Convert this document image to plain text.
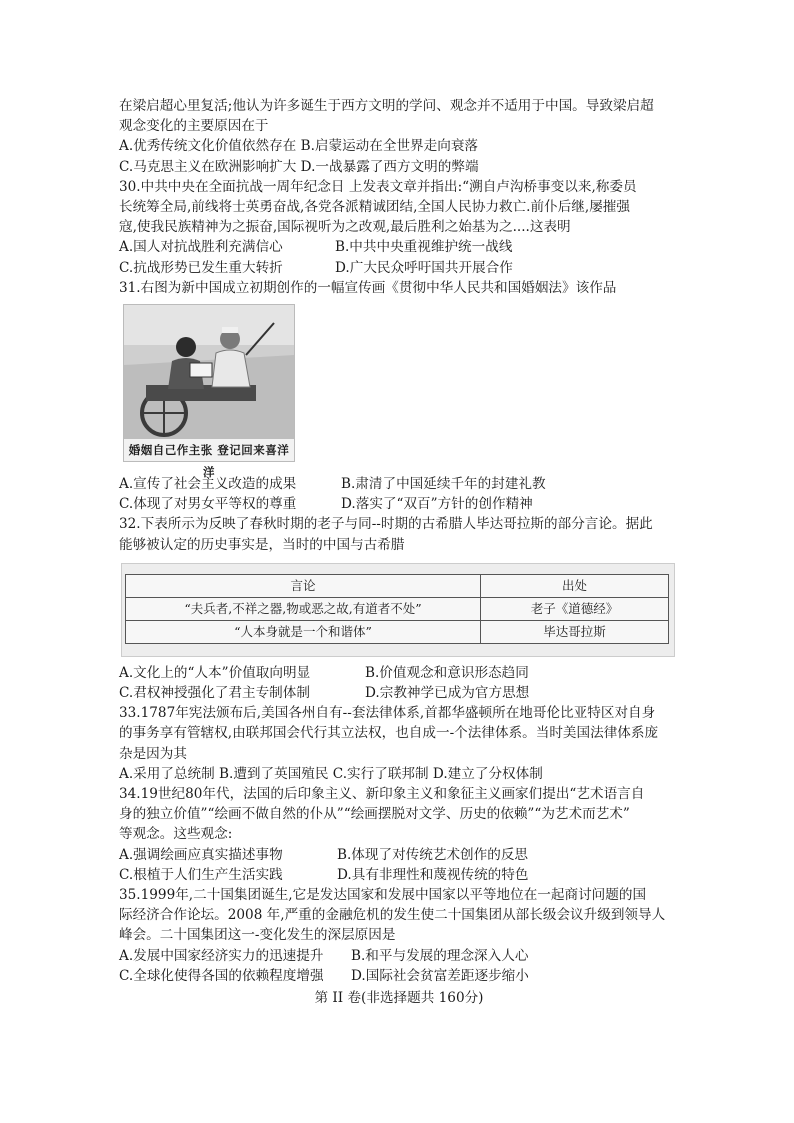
在梁启超心里复活;他认为许多诞生于西方文明的学问、观念并不适用于中国。导致梁启超
观念变化的主要原因在于
A.优秀传统文化价值依然存在 B.启蒙运动在全世界走向衰落
C.马克思主义在欧洲影响扩大 D.一战暴露了西方文明的弊端
30.中共中央在全面抗战一周年纪念日 上发表文章并指出:“溯自卢沟桥事变以来,称委员
长统筹全局,前线将士英勇奋战,各党各派精诚团结,全国人民协力救亡.前仆后继,屡摧强
寇,使我民族精神为之振奋,国际视听为之改观,最后胜利之始基为之....这表明
A.国人对抗战胜利充满信心	B.中共中央重视维护统一战线
C.抗战形势已发生重大转折	D.广大民众呼吁国共开展合作
31.右图为新中国成立初期创作的一幅宣传画《贯彻中华人民共和国婚姻法》该作品
婚姻自己作主张 登记回来喜洋洋
A.宣传了社会主义改造的成果	B.肃清了中国延续千年的封建礼教
C.体现了对男女平等权的尊重	D.落实了“双百”方针的创作精神
32.下表所示为反映了春秋时期的老子与同--时期的古希腊人毕达哥拉斯的部分言论。据此
能够被认定的历史事实是，当时的中国与古希腊
言论	出处
“夫兵者,不祥之器,物或恶之故,有道者不处”	老子《道德经》
“人本身就是一个和谐体”	毕达哥拉斯
A.文化上的“人本”价值取向明显	B.价值观念和意识形态趋同
C.君权神授强化了君主专制体制	D.宗教神学已成为官方思想
33.1787年宪法颁布后,美国各州自有--套法律体系,首都华盛顿所在地哥伦比亚特区对自身
的事务享有管辖权,由联邦国会代行其立法权，也自成一-个法律体系。当时美国法律体系庞
杂是因为其
A.采用了总统制 B.遭到了英国殖民 C.实行了联邦制 D.建立了分权体制
34.19世纪80年代，法国的后印象主义、新印象主义和象征主义画家们提出“艺术语言自
身的独立价值”“绘画不做自然的仆从”“绘画摆脱对文学、历史的依赖”“为艺术而艺术”
等观念。这些观念:
A.强调绘画应真实描述事物	B.体现了对传统艺术创作的反思
C.根植于人们生产生活实践	D.具有非理性和蔑视传统的特色
35.1999年,二十国集团诞生,它是发达国家和发展中国家以平等地位在一起商讨问题的国
际经济合作论坛。2008 年,严重的金融危机的发生使二十国集团从部长级会议升级到领导人
峰会。二十国集团这一-变化发生的深层原因是
A.发展中国家经济实力的迅速提升	B.和平与发展的理念深入人心
C.全球化使得各国的依赖程度增强	D.国际社会贫富差距逐步缩小
第 II 卷(非选择题共 160分)
